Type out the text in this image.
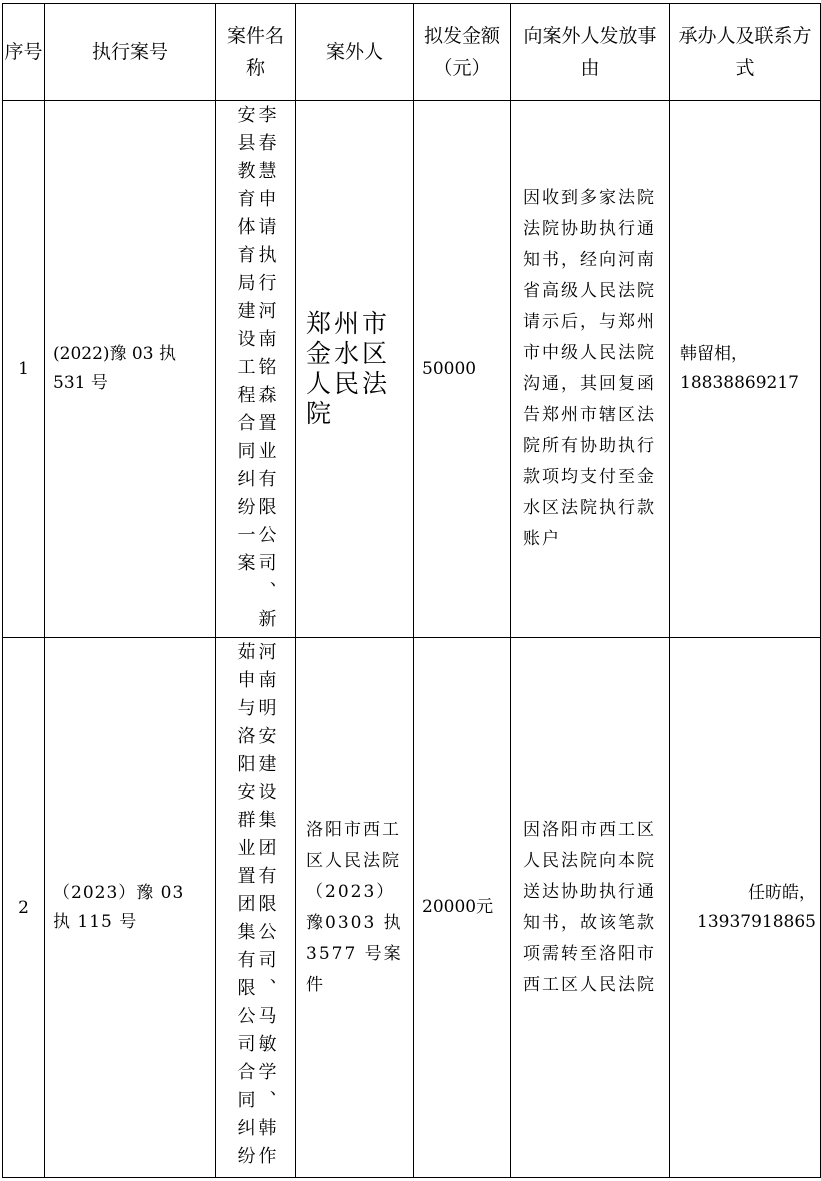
序号	执行案号	案件名称	案外人	拟发金额（元）	向案外人发放事由	承办人及联系方式
1	(2022)豫 03 执 531 号	李春慧申请执行河南铭森置业有限公司、新安县教育体育局建设工程合同纠纷一案	郑州市金水区人民法院	50000	因收到多家法院法院协助执行通知书，经向河南省高级人民法院请示后，与郑州市中级人民法院沟通，其回复函告郑州市辖区法院所有协助执行款项均支付至金水区法院执行款账户	韩留相，18838869217
2	（2023）豫 03 执 115 号	河南明安建设集团有限公司、马敏学、韩作茹申与洛阳安群业置团集有限公司合同纠纷	洛阳市西工区人民法院（2023）豫0303 执 3577 号案件	20000元	因洛阳市西工区人民法院向本院送达协助执行通知书，故该笔款项需转至洛阳市西工区人民法院	任昉皓，13937918865
